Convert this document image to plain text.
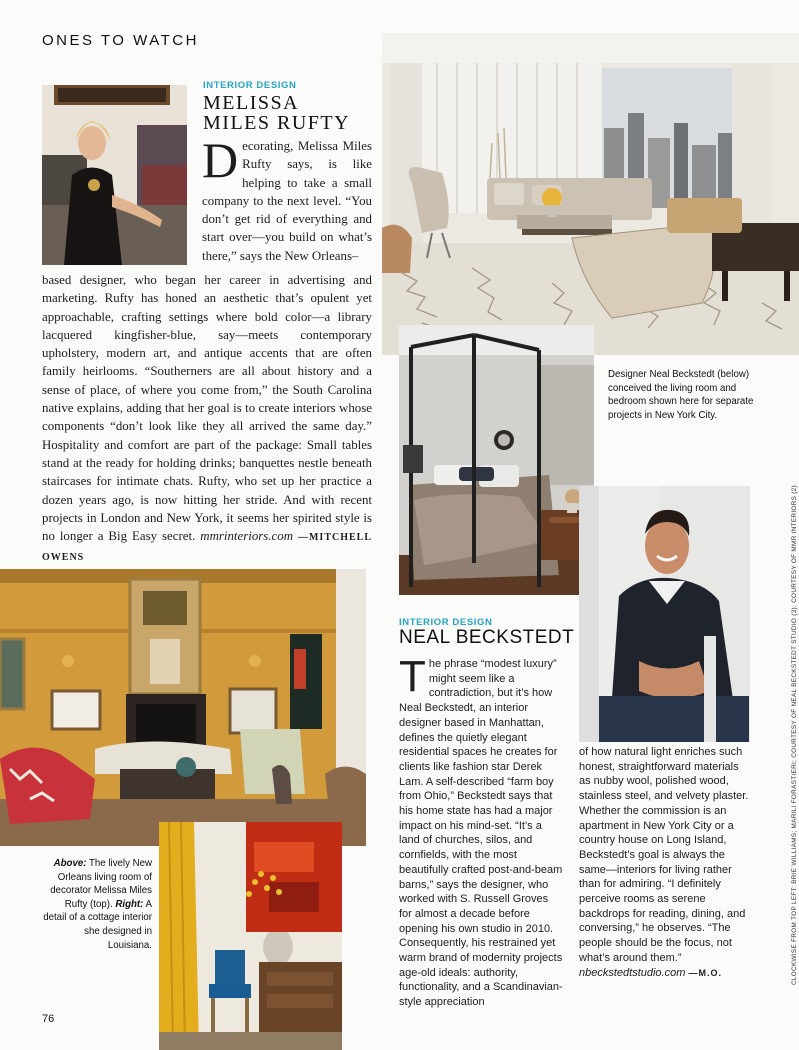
ONES TO WATCH
INTERIOR DESIGN
MELISSA
MILES RUFTY
Decorating, Melissa Miles Rufty says, is like helping to take a small company to the next level. “You don’t get rid of everything and start over—you build on what’s there,” says the New Orleans–
based designer, who began her career in advertising and marketing. Rufty has honed an aesthetic that’s opulent yet approachable, crafting settings where bold color—a library lacquered kingfisher-blue, say—meets contemporary upholstery, modern art, and antique accents that are often family heirlooms. “Southerners are all about history and a sense of place, of where you come from,” the South Carolina native explains, adding that her goal is to create interiors whose components “don’t look like they all arrived the same day.” Hospitality and comfort are part of the package: Small tables stand at the ready for holding drinks; banquettes nestle beneath staircases for intimate chats. Rufty, who set up her practice a dozen years ago, is now hitting her stride. And with recent projects in London and New York, it seems her spirited style is no longer a Big Easy secret. mmrinteriors.com —MITCHELL OWENS
Designer Neal Beckstedt (below) conceived the living room and bedroom shown here for separate projects in New York City.
INTERIOR DESIGN
NEAL BECKSTEDT
The phrase “modest luxury” might seem like a contradiction, but it’s how Neal Beckstedt, an interior designer based in Manhattan, defines the quietly elegant residential spaces he creates for clients like fashion star Derek Lam. A self-described “farm boy from Ohio,” Beckstedt says that his home state has had a major impact on his mind-set. “It’s a land of churches, silos, and cornfields, with the most beautifully crafted post-and-beam barns,” says the designer, who worked with S. Russell Groves for almost a decade before opening his own studio in 2010. Consequently, his restrained yet warm brand of modernity projects age-old ideals: authority, functionality, and a Scandinavian-style appreciation
of how natural light enriches such honest, straightforward materials as nubby wool, polished wood, stainless steel, and velvety plaster. Whether the commission is an apartment in New York City or a country house on Long Island, Beckstedt’s goal is always the same—interiors for living rather than for admiring. “I definitely perceive rooms as serene backdrops for reading, dining, and conversing,” he observes. “The people should be the focus, not what’s around them.” nbeckstedtstudio.com —M.O.
Above: The lively New Orleans living room of decorator Melissa Miles Rufty (top). Right: A detail of a cottage interior she designed in Louisiana.	CLOCKWISE FROM TOP LEFT: BRIE WILLIAMS; MARILI FORASTIERI; COURTESY OF NEAL BECKSTEDT STUDIO (3); COURTESY OF MMR INTERIORS (2)
76
